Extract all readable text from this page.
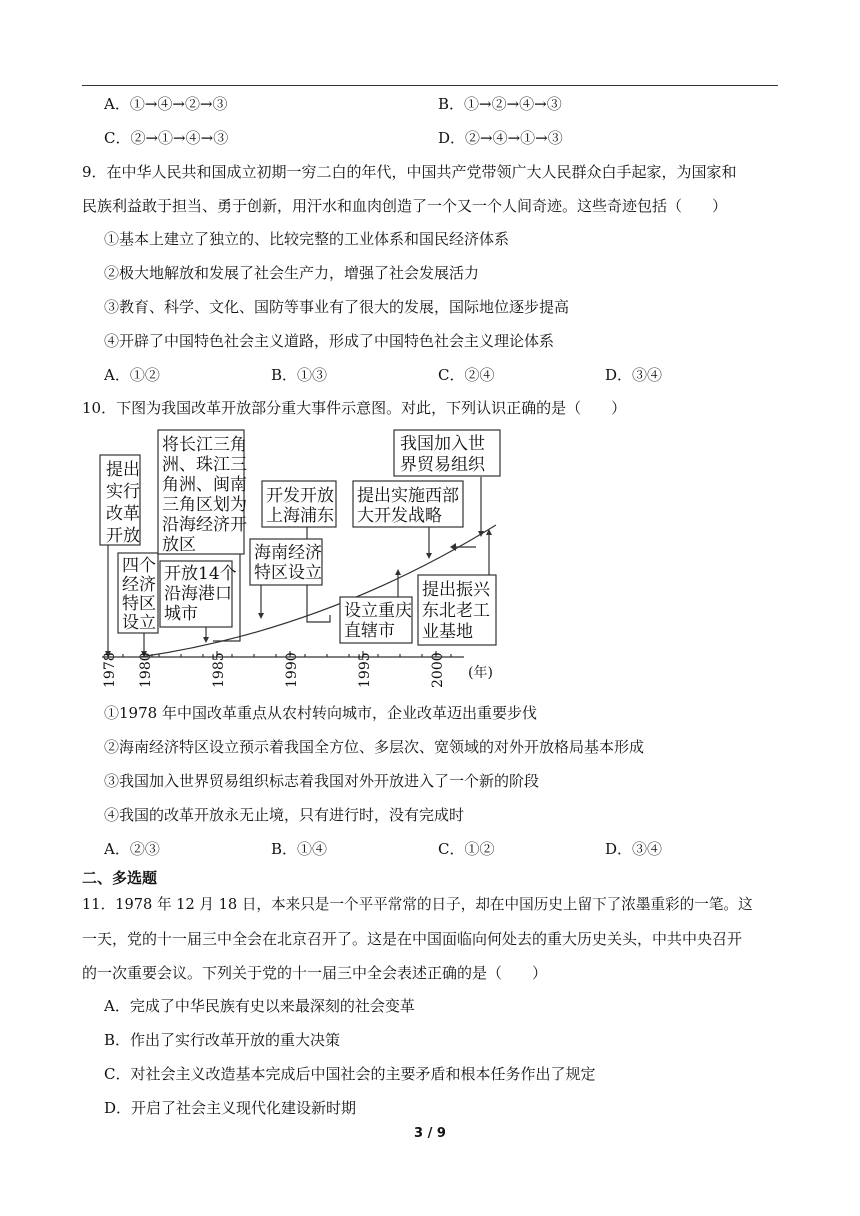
A．①→④→②→③	B．①→②→④→③
C．②→①→④→③	D．②→④→①→③
9．在中华人民共和国成立初期一穷二白的年代，中国共产党带领广大人民群众白手起家，为国家和
民族利益敢于担当、勇于创新，用汗水和血肉创造了一个又一个人间奇迹。这些奇迹包括（　　）
①基本上建立了独立的、比较完整的工业体系和国民经济体系
②极大地解放和发展了社会生产力，增强了社会发展活力
③教育、科学、文化、国防等事业有了很大的发展，国际地位逐步提高
④开辟了中国特色社会主义道路，形成了中国特色社会主义理论体系
A．①②	B．①③	C．②④	D．③④
10．下图为我国改革开放部分重大事件示意图。对此，下列认识正确的是（　　）
提出
实行
改革
开放
四个
经济
特区
设立
将长江三角
洲、珠江三
角洲、闽南
三角区划为
沿海经济开
放区
开放14个
沿海港口
城市
海南经济
特区设立
开发开放
上海浦东
设立重庆
直辖市
提出实施西部
大开发战略
我国加入世
界贸易组织
提出振兴
东北老工
业基地
1978 1980	1985	1990	1995	2000 (年)
①1978 年中国改革重点从农村转向城市，企业改革迈出重要步伐
②海南经济特区设立预示着我国全方位、多层次、宽领域的对外开放格局基本形成
③我国加入世界贸易组织标志着我国对外开放进入了一个新的阶段
④我国的改革开放永无止境，只有进行时，没有完成时
A．②③	B．①④	C．①②	D．③④
二、多选题
11．1978 年 12 月 18 日，本来只是一个平平常常的日子，却在中国历史上留下了浓墨重彩的一笔。这
一天，党的十一届三中全会在北京召开了。这是在中国面临向何处去的重大历史关头，中共中央召开
的一次重要会议。下列关于党的十一届三中全会表述正确的是（　　）
A．完成了中华民族有史以来最深刻的社会变革
B．作出了实行改革开放的重大决策
C．对社会主义改造基本完成后中国社会的主要矛盾和根本任务作出了规定
D．开启了社会主义现代化建设新时期
3 / 9
